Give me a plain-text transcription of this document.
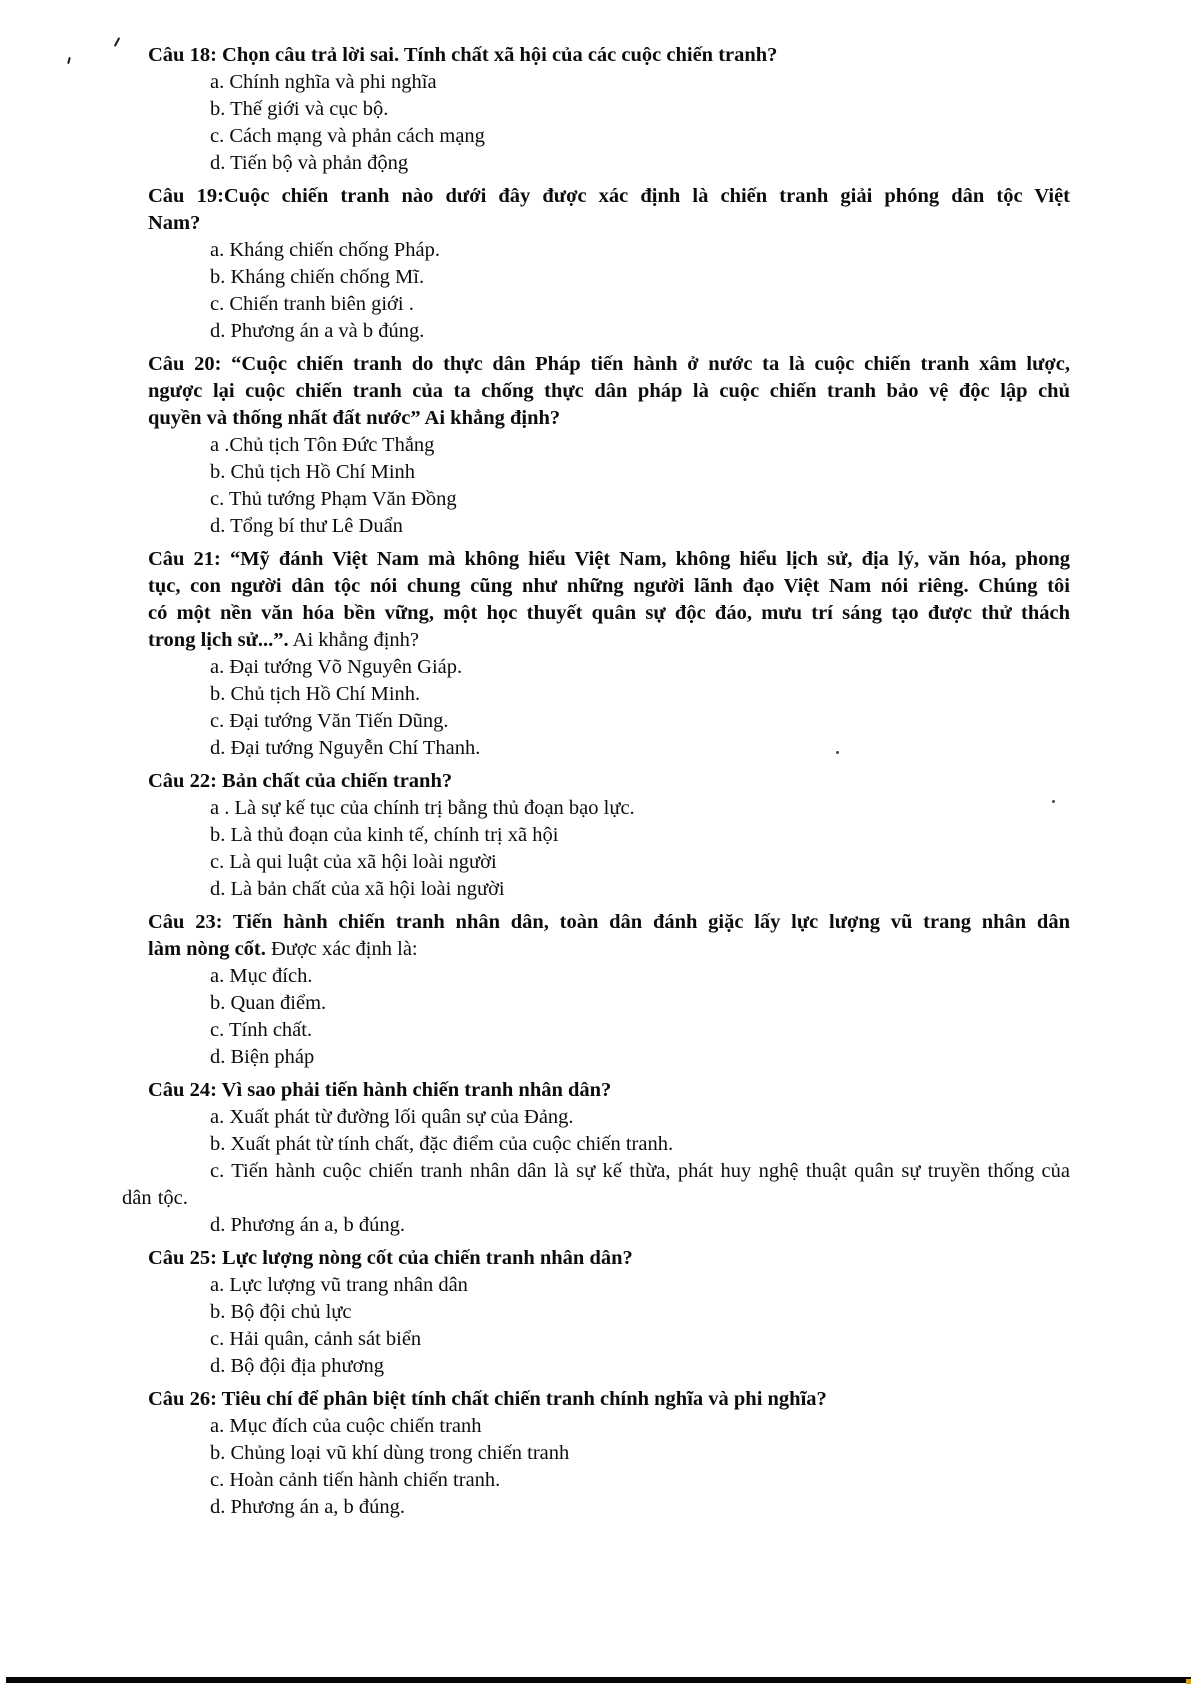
Câu 18: Chọn câu trả lời sai. Tính chất xã hội của các cuộc chiến tranh?
a. Chính nghĩa và phi nghĩa
b. Thế giới và cục bộ.
c. Cách mạng và phản cách mạng
d. Tiến bộ và phản động
Câu 19:Cuộc chiến tranh nào dưới đây được xác định là chiến tranh giải phóng dân tộc Việt
Nam?
a. Kháng chiến chống Pháp.
b. Kháng chiến chống Mĩ.
c. Chiến tranh biên giới .
d. Phương án a và b đúng.
Câu 20: “Cuộc chiến tranh do thực dân Pháp tiến hành ở nước ta là cuộc chiến tranh xâm lược,
ngược lại cuộc chiến tranh của ta chống thực dân pháp là cuộc chiến tranh bảo vệ độc lập chủ
quyền và thống nhất đất nước” Ai khẳng định?
a .Chủ tịch Tôn Đức Thắng
b. Chủ tịch Hồ Chí Minh
c. Thủ tướng Phạm Văn Đồng
d. Tổng bí thư Lê Duẩn
Câu 21: “Mỹ đánh Việt Nam mà không hiểu Việt Nam, không hiểu lịch sử, địa lý, văn hóa, phong
tục, con người dân tộc nói chung cũng như những người lãnh đạo Việt Nam nói riêng. Chúng tôi
có một nền văn hóa bền vững, một học thuyết quân sự độc đáo, mưu trí sáng tạo được thử thách
trong lịch sử...”. Ai khẳng định?
a. Đại tướng Võ Nguyên Giáp.
b. Chủ tịch Hồ Chí Minh.
c. Đại tướng Văn Tiến Dũng.
d. Đại tướng Nguyễn Chí Thanh.
Câu 22: Bản chất của chiến tranh?
a . Là sự kế tục của chính trị bằng thủ đoạn bạo lực.
b. Là thủ đoạn của kinh tế, chính trị xã hội
c. Là qui luật của xã hội loài người
d. Là bản chất của xã hội loài người
Câu 23: Tiến hành chiến tranh nhân dân, toàn dân đánh giặc lấy lực lượng vũ trang nhân dân
làm nòng cốt. Được xác định là:
a. Mục đích.
b. Quan điểm.
c. Tính chất.
d. Biện pháp
Câu 24: Vì sao phải tiến hành chiến tranh nhân dân?
a. Xuất phát từ đường lối quân sự của Đảng.
b. Xuất phát từ tính chất, đặc điểm của cuộc chiến tranh.
c. Tiến hành cuộc chiến tranh nhân dân là sự kế thừa, phát huy nghệ thuật quân sự truyền thống của dân tộc.
d. Phương án a, b đúng.
Câu 25: Lực lượng nòng cốt của chiến tranh nhân dân?
a. Lực lượng vũ trang nhân dân
b. Bộ đội chủ lực
c. Hải quân, cảnh sát biển
d. Bộ đội địa phương
Câu 26: Tiêu chí để phân biệt tính chất chiến tranh chính nghĩa và phi nghĩa?
a. Mục đích của cuộc chiến tranh
b. Chủng loại vũ khí dùng trong chiến tranh
c. Hoàn cảnh tiến hành chiến tranh.
d. Phương án a, b đúng.
